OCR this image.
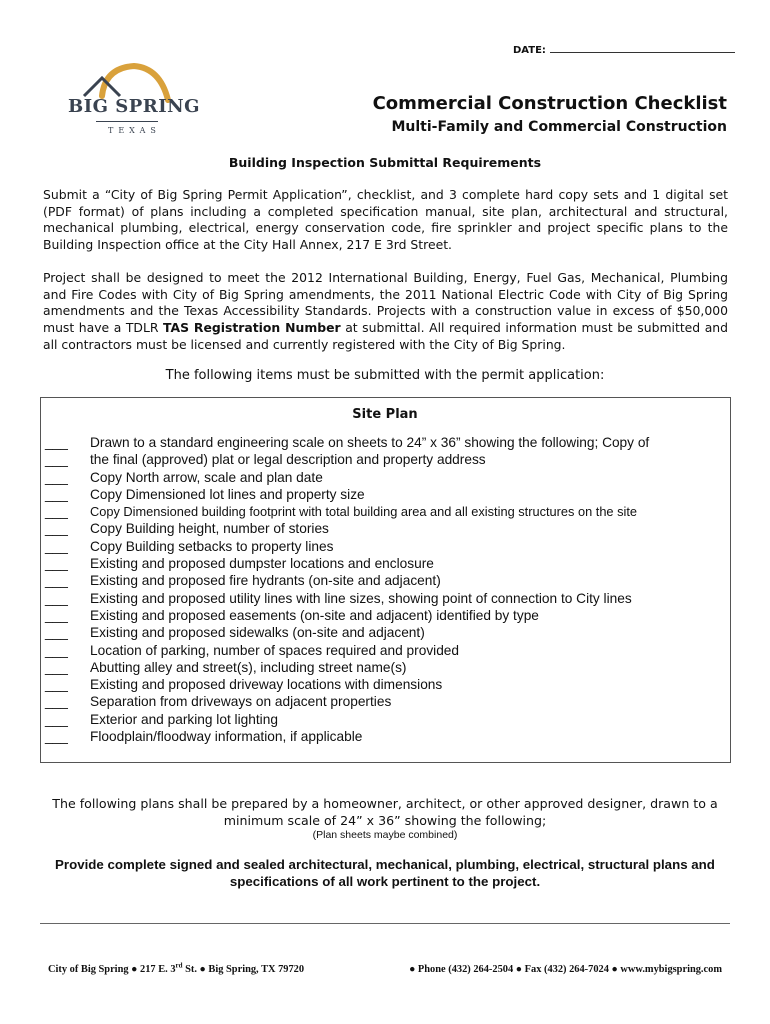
DATE:
BIG SPRING
TEXAS
Commercial Construction Checklist
Multi-Family and Commercial Construction
Building Inspection Submittal Requirements

Submit a “City of Big Spring Permit Application”, checklist, and 3 complete hard copy sets and 1 digital set (PDF format) of plans including a completed specification manual, site plan, architectural and structural, mechanical plumbing, electrical, energy conservation code, fire sprinkler and project specific plans to the Building Inspection office at the City Hall Annex, 217 E 3rd Street.

Project shall be designed to meet the 2012 International Building, Energy, Fuel Gas, Mechanical, Plumbing and Fire Codes with City of Big Spring amendments, the 2011 National Electric Code with City of Big Spring amendments and the Texas Accessibility Standards. Projects with a construction value in excess of $50,000 must have a TDLR TAS Registration Number at submittal. All required information must be submitted and all contractors must be licensed and currently registered with the City of Big Spring.

The following items must be submitted with the permit application:
Site Plan
___ Drawn to a standard engineering scale on sheets to 24” x 36” showing the following; Copy of
___ the final (approved) plat or legal description and property address
___ Copy North arrow, scale and plan date
___ Copy Dimensioned lot lines and property size
___ Copy Dimensioned building footprint with total building area and all existing structures on the site
___ Copy Building height, number of stories
___ Copy Building setbacks to property lines
___ Existing and proposed dumpster locations and enclosure
___ Existing and proposed fire hydrants (on-site and adjacent)
___ Existing and proposed utility lines with line sizes, showing point of connection to City lines
___ Existing and proposed easements (on-site and adjacent) identified by type
___ Existing and proposed sidewalks (on-site and adjacent)
___ Location of parking, number of spaces required and provided
___ Abutting alley and street(s), including street name(s)
___ Existing and proposed driveway locations with dimensions
___ Separation from driveways on adjacent properties
___ Exterior and parking lot lighting
___ Floodplain/floodway information, if applicable
The following plans shall be prepared by a homeowner, architect, or other approved designer, drawn to a minimum scale of 24” x 36” showing the following;
(Plan sheets maybe combined)
Provide complete signed and sealed architectural, mechanical, plumbing, electrical, structural plans and specifications of all work pertinent to the project.
City of Big Spring ● 217 E. 3rd St. ● Big Spring, TX 79720	● Phone (432) 264-2504 ● Fax (432) 264-7024 ● www.mybigspring.com
